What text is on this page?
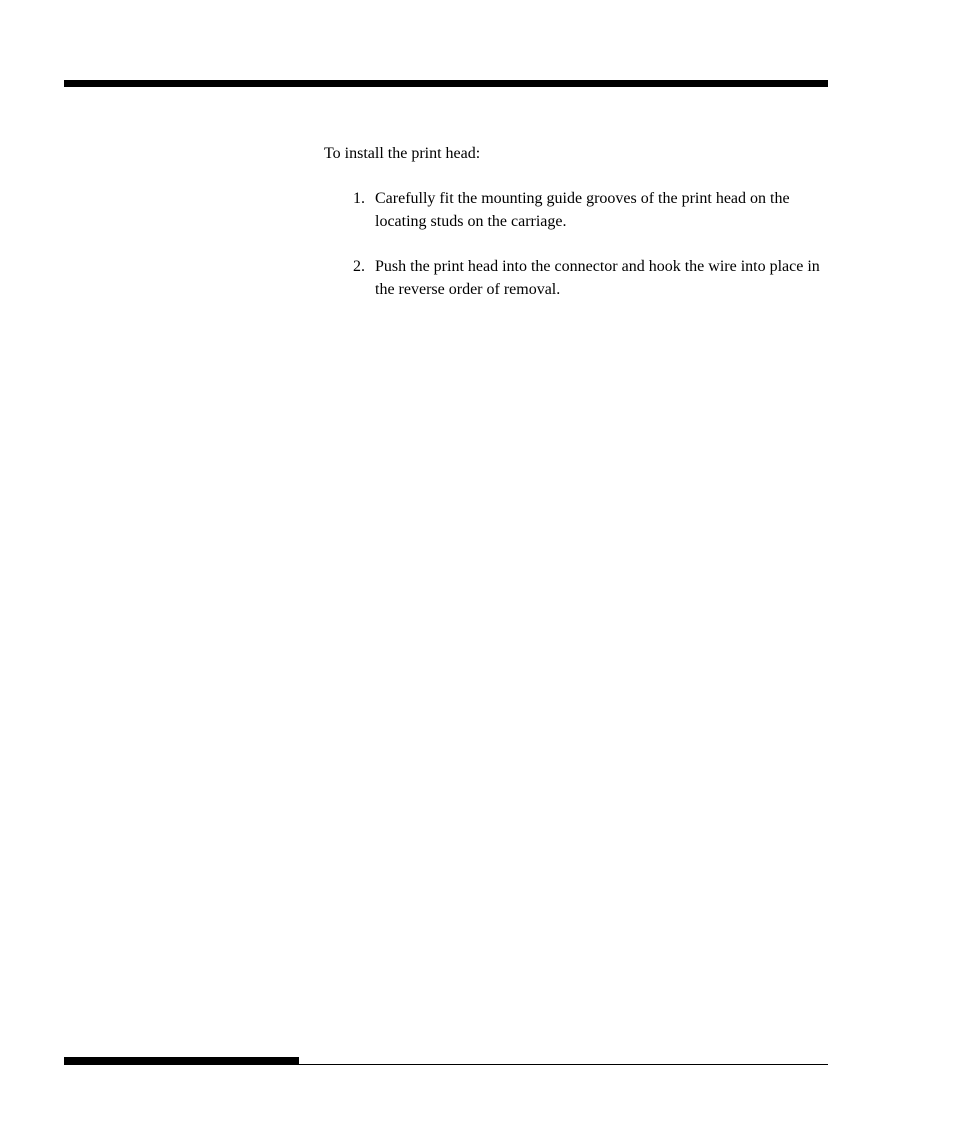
To install the print head:

1. Carefully fit the mounting guide grooves of the print head on the locating studs on the carriage.
2. Push the print head into the connector and hook the wire into place in the reverse order of removal.
